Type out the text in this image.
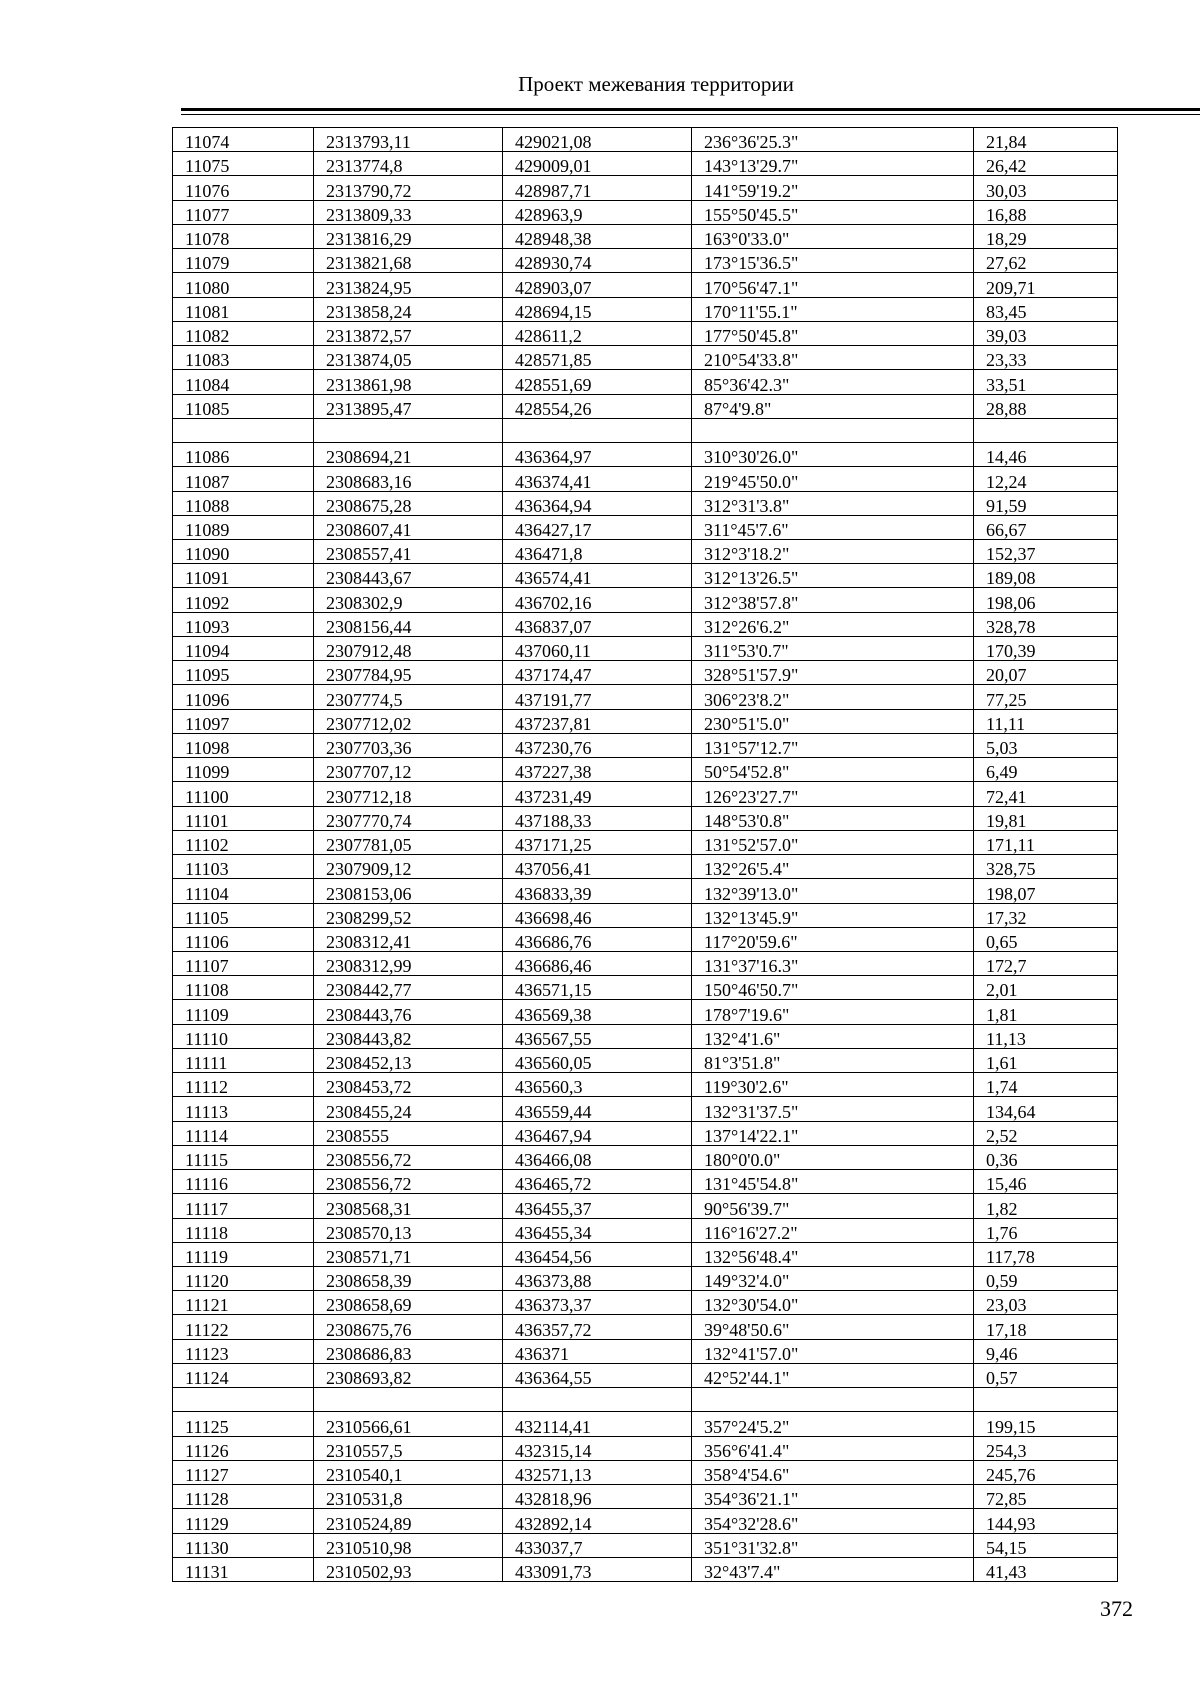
Проект межевания территории
11074	2313793,11	429021,08	236°36'25.3"	21,84
11075	2313774,8	429009,01	143°13'29.7"	26,42
11076	2313790,72	428987,71	141°59'19.2"	30,03
11077	2313809,33	428963,9	155°50'45.5"	16,88
11078	2313816,29	428948,38	163°0'33.0"	18,29
11079	2313821,68	428930,74	173°15'36.5"	27,62
11080	2313824,95	428903,07	170°56'47.1"	209,71
11081	2313858,24	428694,15	170°11'55.1"	83,45
11082	2313872,57	428611,2	177°50'45.8"	39,03
11083	2313874,05	428571,85	210°54'33.8"	23,33
11084	2313861,98	428551,69	85°36'42.3"	33,51
11085	2313895,47	428554,26	87°4'9.8"	28,88

11086	2308694,21	436364,97	310°30'26.0"	14,46
11087	2308683,16	436374,41	219°45'50.0"	12,24
11088	2308675,28	436364,94	312°31'3.8"	91,59
11089	2308607,41	436427,17	311°45'7.6"	66,67
11090	2308557,41	436471,8	312°3'18.2"	152,37
11091	2308443,67	436574,41	312°13'26.5"	189,08
11092	2308302,9	436702,16	312°38'57.8"	198,06
11093	2308156,44	436837,07	312°26'6.2"	328,78
11094	2307912,48	437060,11	311°53'0.7"	170,39
11095	2307784,95	437174,47	328°51'57.9"	20,07
11096	2307774,5	437191,77	306°23'8.2"	77,25
11097	2307712,02	437237,81	230°51'5.0"	11,11
11098	2307703,36	437230,76	131°57'12.7"	5,03
11099	2307707,12	437227,38	50°54'52.8"	6,49
11100	2307712,18	437231,49	126°23'27.7"	72,41
11101	2307770,74	437188,33	148°53'0.8"	19,81
11102	2307781,05	437171,25	131°52'57.0"	171,11
11103	2307909,12	437056,41	132°26'5.4"	328,75
11104	2308153,06	436833,39	132°39'13.0"	198,07
11105	2308299,52	436698,46	132°13'45.9"	17,32
11106	2308312,41	436686,76	117°20'59.6"	0,65
11107	2308312,99	436686,46	131°37'16.3"	172,7
11108	2308442,77	436571,15	150°46'50.7"	2,01
11109	2308443,76	436569,38	178°7'19.6"	1,81
11110	2308443,82	436567,55	132°4'1.6"	11,13
11111	2308452,13	436560,05	81°3'51.8"	1,61
11112	2308453,72	436560,3	119°30'2.6"	1,74
11113	2308455,24	436559,44	132°31'37.5"	134,64
11114	2308555	436467,94	137°14'22.1"	2,52
11115	2308556,72	436466,08	180°0'0.0"	0,36
11116	2308556,72	436465,72	131°45'54.8"	15,46
11117	2308568,31	436455,37	90°56'39.7"	1,82
11118	2308570,13	436455,34	116°16'27.2"	1,76
11119	2308571,71	436454,56	132°56'48.4"	117,78
11120	2308658,39	436373,88	149°32'4.0"	0,59
11121	2308658,69	436373,37	132°30'54.0"	23,03
11122	2308675,76	436357,72	39°48'50.6"	17,18
11123	2308686,83	436371	132°41'57.0"	9,46
11124	2308693,82	436364,55	42°52'44.1"	0,57

11125	2310566,61	432114,41	357°24'5.2"	199,15
11126	2310557,5	432315,14	356°6'41.4"	254,3
11127	2310540,1	432571,13	358°4'54.6"	245,76
11128	2310531,8	432818,96	354°36'21.1"	72,85
11129	2310524,89	432892,14	354°32'28.6"	144,93
11130	2310510,98	433037,7	351°31'32.8"	54,15
11131	2310502,93	433091,73	32°43'7.4"	41,43
372
